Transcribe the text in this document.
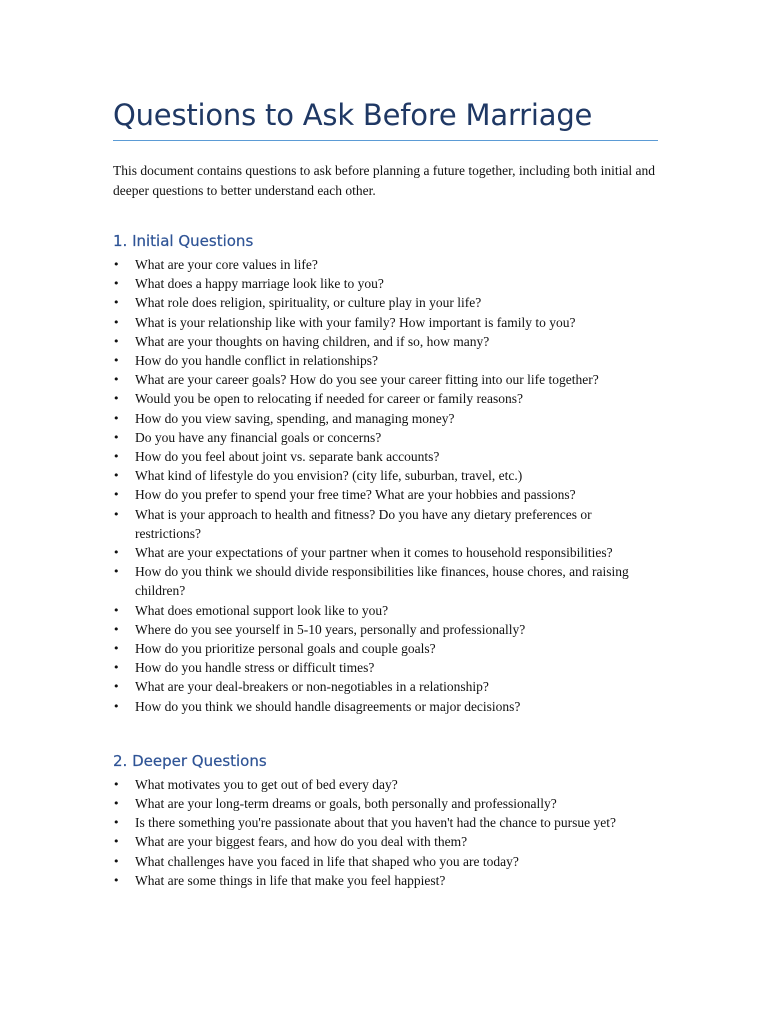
Questions to Ask Before Marriage

This document contains questions to ask before planning a future together, including both initial and deeper questions to better understand each other.

1. Initial Questions
• What are your core values in life?
• What does a happy marriage look like to you?
• What role does religion, spirituality, or culture play in your life?
• What is your relationship like with your family? How important is family to you?
• What are your thoughts on having children, and if so, how many?
• How do you handle conflict in relationships?
• What are your career goals? How do you see your career fitting into our life together?
• Would you be open to relocating if needed for career or family reasons?
• How do you view saving, spending, and managing money?
• Do you have any financial goals or concerns?
• How do you feel about joint vs. separate bank accounts?
• What kind of lifestyle do you envision? (city life, suburban, travel, etc.)
• How do you prefer to spend your free time? What are your hobbies and passions?
• What is your approach to health and fitness? Do you have any dietary preferences or restrictions?
• What are your expectations of your partner when it comes to household responsibilities?
• How do you think we should divide responsibilities like finances, house chores, and raising children?
• What does emotional support look like to you?
• Where do you see yourself in 5-10 years, personally and professionally?
• How do you prioritize personal goals and couple goals?
• How do you handle stress or difficult times?
• What are your deal-breakers or non-negotiables in a relationship?
• How do you think we should handle disagreements or major decisions?
2. Deeper Questions
• What motivates you to get out of bed every day?
• What are your long-term dreams or goals, both personally and professionally?
• Is there something you're passionate about that you haven't had the chance to pursue yet?
• What are your biggest fears, and how do you deal with them?
• What challenges have you faced in life that shaped who you are today?
• What are some things in life that make you feel happiest?
